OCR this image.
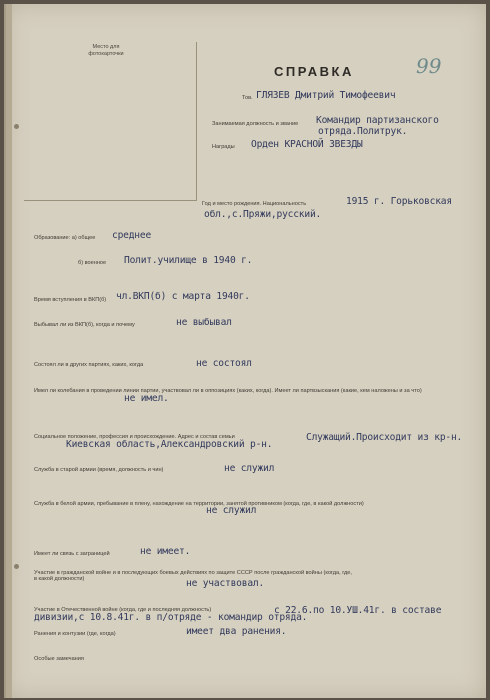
Место для фотокарточки
СПРАВКА	99
Тов. ГЛЯЗЕВ Дмитрий Тимофеевич
Занимаемая должность и звание Командир партизанского
отряда.Политрук.
Награды Орден КРАСНОЙ ЗВЕЗДЫ
Год и место рождения. Национальность	1915 г. Горьковская
обл.,с.Пряжи,русский.
Образование: а) общее среднее
б) военное Полит.училище в 1940 г.
Время вступления в ВКП(б) чл.ВКП(б) с марта 1940г.
Выбывал ли из ВКП(б), когда и почему	не выбывал
Состоял ли в других партиях, каких, когда	не состоял
Имел ли колебания в проведении линии партии, участвовал ли в оппозициях (каких, когда). Имеет ли партвзыскания (какие, кем наложены и за что)
не имел.
Социальное положение, профессия и происхождение. Адрес и состав семьи	Служащий.Происходит из кр-н.
Киевская область,Александровский р-н.
Служба в старой армии (время, должность и чин)	не служил
Служба в белой армии, пребывание в плену, нахождение на территории, занятой противником (когда, где, в какой должности)
не служил
Имеет ли связь с заграницей	не имеет.
Участие в гражданской войне и в последующих боевых действиях по защите СССР после гражданской войны (когда, где, в какой должности)	не участвовал.
Участие в Отечественной войне (когда, где и последняя должность)	с 22.6.по 10.УШ.41г. в составе
дивизии,с 10.8.41г. в п/отряде - командир отряда.
Ранения и контузии (где, когда)	имеет два ранения.
Особые замечания
